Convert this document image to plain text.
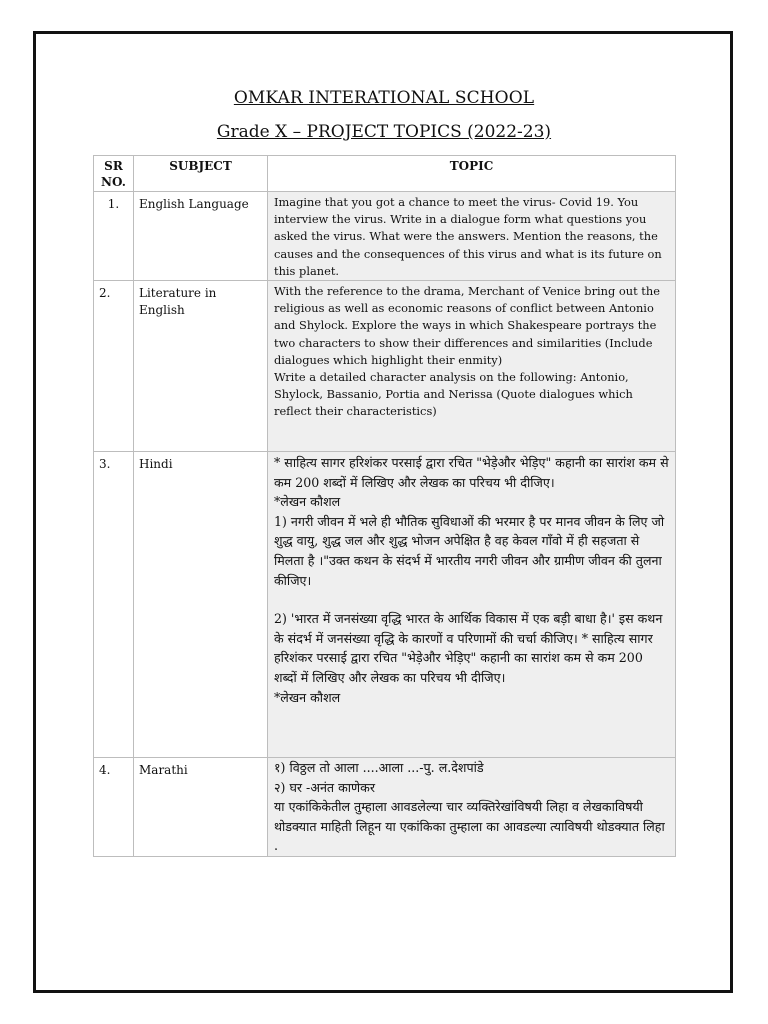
OMKAR INTERATIONAL SCHOOL
Grade X – PROJECT TOPICS (2022-23)
SR
NO.	SUBJECT	TOPIC
1.	English Language	Imagine that you got a chance to meet the virus- Covid 19. You interview the virus. Write in a dialogue form what questions you asked the virus. What were the answers. Mention the reasons, the causes and the consequences of this virus and what is its future on this planet.

2.	Literature in English	With the reference to the drama, Merchant of Venice bring out the religious as well as economic reasons of conflict between Antonio and Shylock. Explore the ways in which Shakespeare portrays the two characters to show their differences and similarities (Include dialogues which highlight their enmity)
Write a detailed character analysis on the following: Antonio, Shylock, Bassanio, Portia and Nerissa (Quote dialogues which reflect their characteristics)

3.	Hindi	* साहित्य सागर हरिशंकर परसाई द्वारा रचित "भेड़ेऔर भेड़िए" कहानी का सारांश कम से कम 200 शब्दों में लिखिए और लेखक का परिचय भी दीजिए।
*लेखन कौशल
1) नगरी जीवन में भले ही भौतिक सुविधाओं की भरमार है पर मानव जीवन के लिए जो शुद्ध वायु, शुद्ध जल और शुद्ध भोजन अपेक्षित है वह केवल गाँवो में ही सहजता से मिलता है ।"उक्त कथन के संदर्भ में भारतीय नगरी जीवन और ग्रामीण जीवन की तुलना कीजिए।
2) 'भारत में जनसंख्या वृद्धि भारत के आर्थिक विकास में एक बड़ी बाधा है।' इस कथन के संदर्भ में जनसंख्या वृद्धि के कारणों व परिणामों की चर्चा कीजिए। * साहित्य सागर हरिशंकर परसाई द्वारा रचित "भेड़ेऔर भेड़िए" कहानी का सारांश कम से कम 200 शब्दों में लिखिए और लेखक का परिचय भी दीजिए।
*लेखन कौशल

4.	Marathi	१) विठ्ठल तो आला ....आला ...-पु. ल.देशपांडे
२) घर -अनंत काणेकर
या एकांकिकेतील तुम्हाला आवडलेल्या चार व्यक्तिरेखांविषयी लिहा व लेखकाविषयी थोडक्यात माहिती लिहून या एकांकिका तुम्हाला का आवडल्या त्याविषयी थोडक्यात लिहा .
